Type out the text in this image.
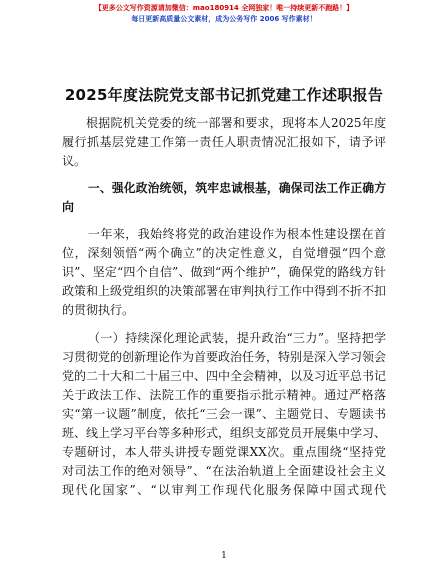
【更多公文写作资源请加微信：mao180914 全网独家！唯一持续更新不跑路！】
每日更新高质量公文素材，成为公务写作 2006 写作素材！
2025年度法院党支部书记抓党建工作述职报告
根据院机关党委的统一部署和要求，现将本人2025年度
履行抓基层党建工作第一责任人职责情况汇报如下，请予评
议。
一、强化政治统领，筑牢忠诚根基，确保司法工作正确方
向
一年来，我始终将党的政治建设作为根本性建设摆在首
位，深刻领悟“两个确立”的决定性意义，自觉增强“四个意
识”、坚定“四个自信”、做到“两个维护”，确保党的路线方针
政策和上级党组织的决策部署在审判执行工作中得到不折不扣
的贯彻执行。
（一）持续深化理论武装，提升政治“三力”。坚持把学
习贯彻党的创新理论作为首要政治任务，特别是深入学习领会
党的二十大和二十届三中、四中全会精神，以及习近平总书记
关于政法工作、法院工作的重要指示批示精神。通过严格落
实“第一议题”制度，依托“三会一课”、主题党日、专题读书
班、线上学习平台等多种形式，组织支部党员开展集中学习、
专题研讨，本人带头讲授专题党课XX次。重点围绕“坚持党
对司法工作的绝对领导”、“在法治轨道上全面建设社会主义
现代化国家”、“以审判工作现代化服务保障中国式现代
1
